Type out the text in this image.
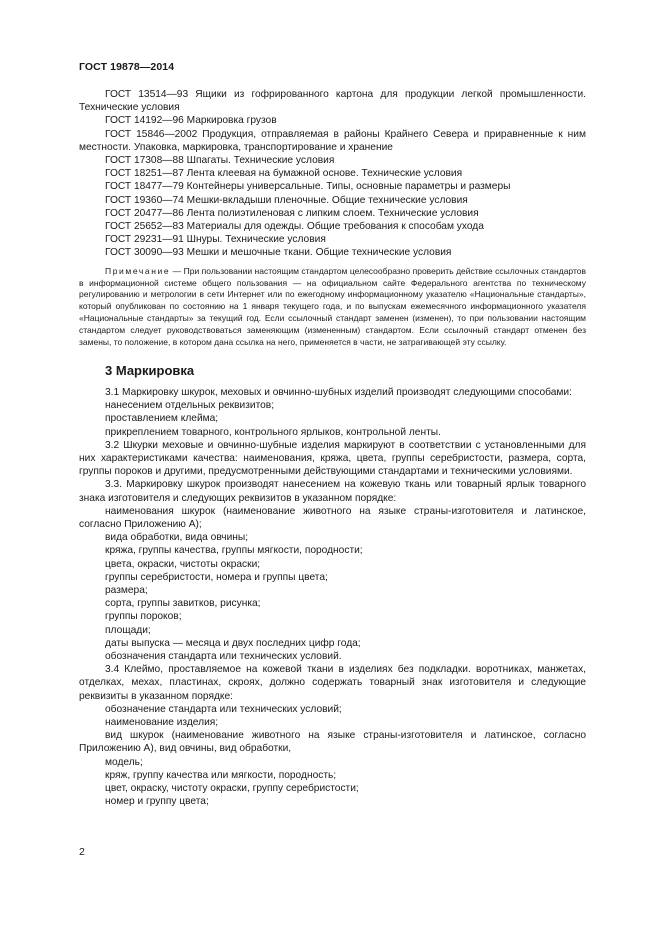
ГОСТ 19878—2014

ГОСТ 13514—93 Ящики из гофрированного картона для продукции легкой промышленности. Технические условия

ГОСТ 14192—96 Маркировка грузов

ГОСТ 15846—2002 Продукция, отправляемая в районы Крайнего Севера и приравненные к ним местности. Упаковка, маркировка, транспортирование и хранение

ГОСТ 17308—88 Шпагаты. Технические условия

ГОСТ 18251—87 Лента клеевая на бумажной основе. Технические условия

ГОСТ 18477—79 Контейнеры универсальные. Типы, основные параметры и размеры

ГОСТ 19360—74 Мешки-вкладыши пленочные. Общие технические условия

ГОСТ 20477—86 Лента полиэтиленовая с липким слоем. Технические условия

ГОСТ 25652—83 Материалы для одежды. Общие требования к способам ухода

ГОСТ 29231—91 Шнуры. Технические условия

ГОСТ 30090—93 Мешки и мешочные ткани. Общие технические условия

Примечание — При пользовании настоящим стандартом целесообразно проверить действие ссылочных стандартов в информационной системе общего пользования — на официальном сайте Федерального агентства по техническому регулированию и метрологии в сети Интернет или по ежегодному информационному указателю «Национальные стандарты», который опубликован по состоянию на 1 января текущего года, и по выпускам ежемесячного информационного указателя «Национальные стандарты» за текущий год. Если ссылочный стандарт заменен (изменен), то при пользовании настоящим стандартом следует руководствоваться заменяющим (измененным) стандартом. Если ссылочный стандарт отменен без замены, то положение, в котором дана ссылка на него, применяется в части, не затрагивающей эту ссылку.

3 Маркировка

3.1 Маркировку шкурок, меховых и овчинно-шубных изделий производят следующими способами:

нанесением отдельных реквизитов;

проставлением клейма;

прикреплением товарного, контрольного ярлыков, контрольной ленты.

3.2 Шкурки меховые и овчинно-шубные изделия маркируют в соответствии с установленными для них характеристиками качества: наименования, кряжа, цвета, группы серебристости, размера, сорта, группы пороков и другими, предусмотренными действующими стандартами и техническими условиями.

3.3. Маркировку шкурок производят нанесением на кожевую ткань или товарный ярлык товарного знака изготовителя и следующих реквизитов в указанном порядке:

наименования шкурок (наименование животного на языке страны-изготовителя и латинское, согласно Приложению А);

вида обработки, вида овчины;

кряжа, группы качества, группы мягкости, породности;

цвета, окраски, чистоты окраски;

группы серебристости, номера и группы цвета;

размера;

сорта, группы завитков, рисунка;

группы пороков;

площади;

даты выпуска — месяца и двух последних цифр года;

обозначения стандарта или технических условий.

3.4 Клеймо, проставляемое на кожевой ткани в изделиях без подкладки. воротниках, манжетах, отделках, мехах, пластинах, скроях, должно содержать товарный знак изготовителя и следующие реквизиты в указанном порядке:

обозначение стандарта или технических условий;

наименование изделия;

вид шкурок (наименование животного на языке страны-изготовителя и латинское, согласно Приложению А), вид овчины, вид обработки,

модель;

кряж, группу качества или мягкости, породность;

цвет, окраску, чистоту окраски, группу серебристости;

номер и группу цвета;

2
